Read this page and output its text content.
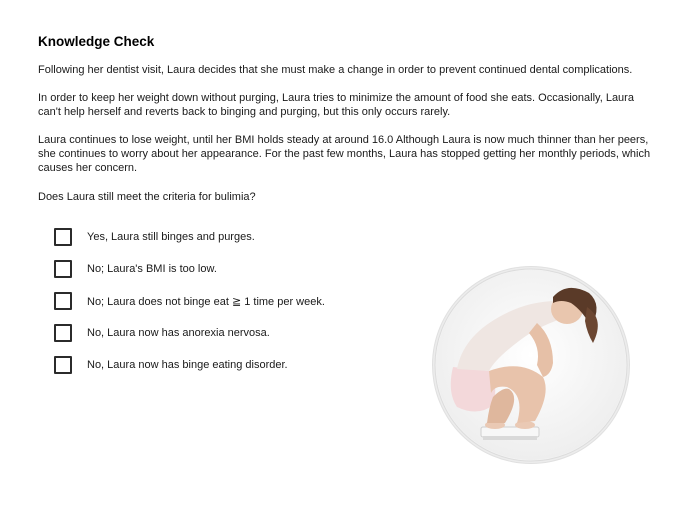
Knowledge Check
Following her dentist visit, Laura decides that she must make a change in order to prevent continued dental complications.
In order to keep her weight down without purging, Laura tries to minimize the amount of food she eats. Occasionally, Laura can't help herself and reverts back to binging and purging, but this only occurs rarely.
Laura continues to lose weight, until her BMI holds steady at around 16.0 Although Laura is now much thinner than her peers, she continues to worry about her appearance. For the past few months, Laura has stopped getting her monthly periods, which causes her concern.
Does Laura still meet the criteria for bulimia?
Yes, Laura still binges and purges.
No; Laura's BMI is too low.
No; Laura does not binge eat ≧ 1 time per week.
No, Laura now has anorexia nervosa.
No, Laura now has binge eating disorder.
